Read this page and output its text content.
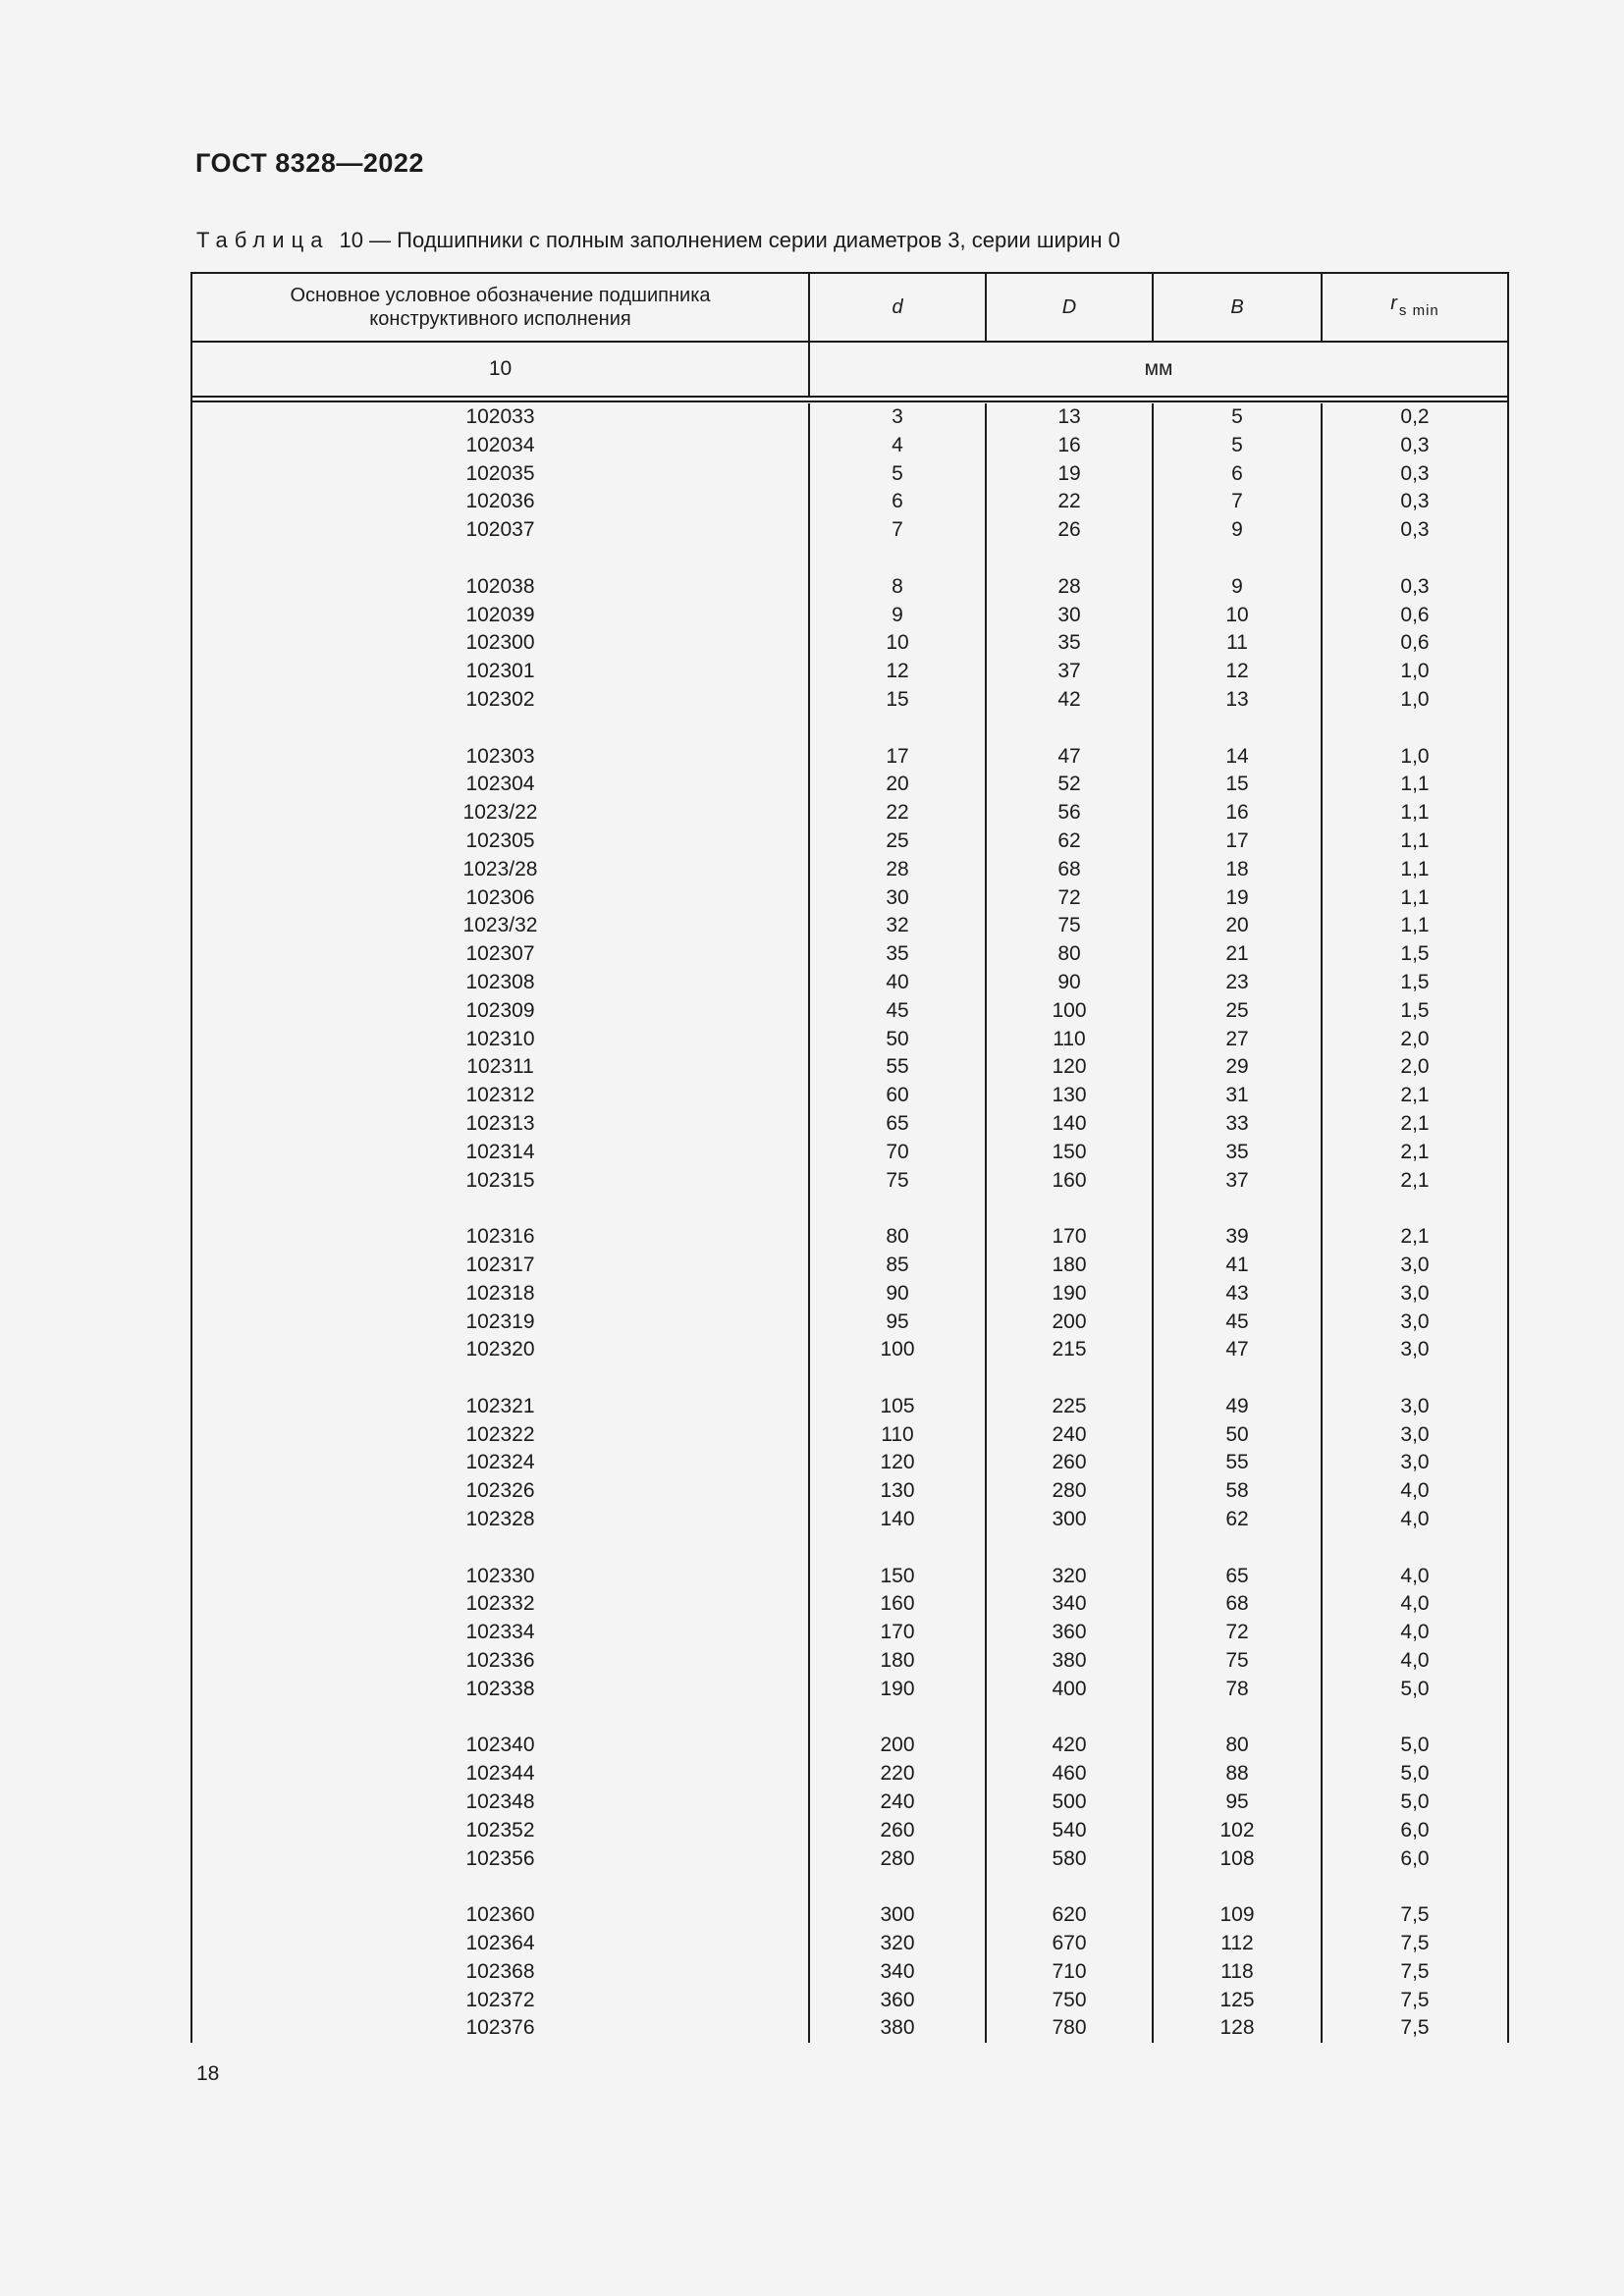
ГОСТ 8328—2022
Таблица 10 — Подшипники с полным заполнением серии диаметров 3, серии ширин 0
Основное условное обозначение подшипника конструктивного исполнения
d	D	B	r $_{s min}$
10	мм
102033	3	13	5	0,2
102034	4	16	5	0,3
102035	5	19	6	0,3
102036	6	22	7	0,3
102037	7	26	9	0,3
102038	8	28	9	0,3
102039	9	30	10	0,6
102300	10	35	11	0,6
102301	12	37	12	1,0
102302	15	42	13	1,0
102303	17	47	14	1,0
102304	20	52	15	1,1
1023/22	22	56	16	1,1
102305	25	62	17	1,1
1023/28	28	68	18	1,1
102306	30	72	19	1,1
1023/32	32	75	20	1,1
102307	35	80	21	1,5
102308	40	90	23	1,5
102309	45	100	25	1,5
102310	50	110	27	2,0
102311	55	120	29	2,0
102312	60	130	31	2,1
102313	65	140	33	2,1
102314	70	150	35	2,1
102315	75	160	37	2,1
102316	80	170	39	2,1
102317	85	180	41	3,0
102318	90	190	43	3,0
102319	95	200	45	3,0
102320	100	215	47	3,0
102321	105	225	49	3,0
102322	110	240	50	3,0
102324	120	260	55	3,0
102326	130	280	58	4,0
102328	140	300	62	4,0
102330	150	320	65	4,0
102332	160	340	68	4,0
102334	170	360	72	4,0
102336	180	380	75	4,0
102338	190	400	78	5,0
102340	200	420	80	5,0
102344	220	460	88	5,0
102348	240	500	95	5,0
102352	260	540	102	6,0
102356	280	580	108	6,0
102360	300	620	109	7,5
102364	320	670	112	7,5
102368	340	710	118	7,5
102372	360	750	125	7,5
102376	380	780	128	7,5
18
